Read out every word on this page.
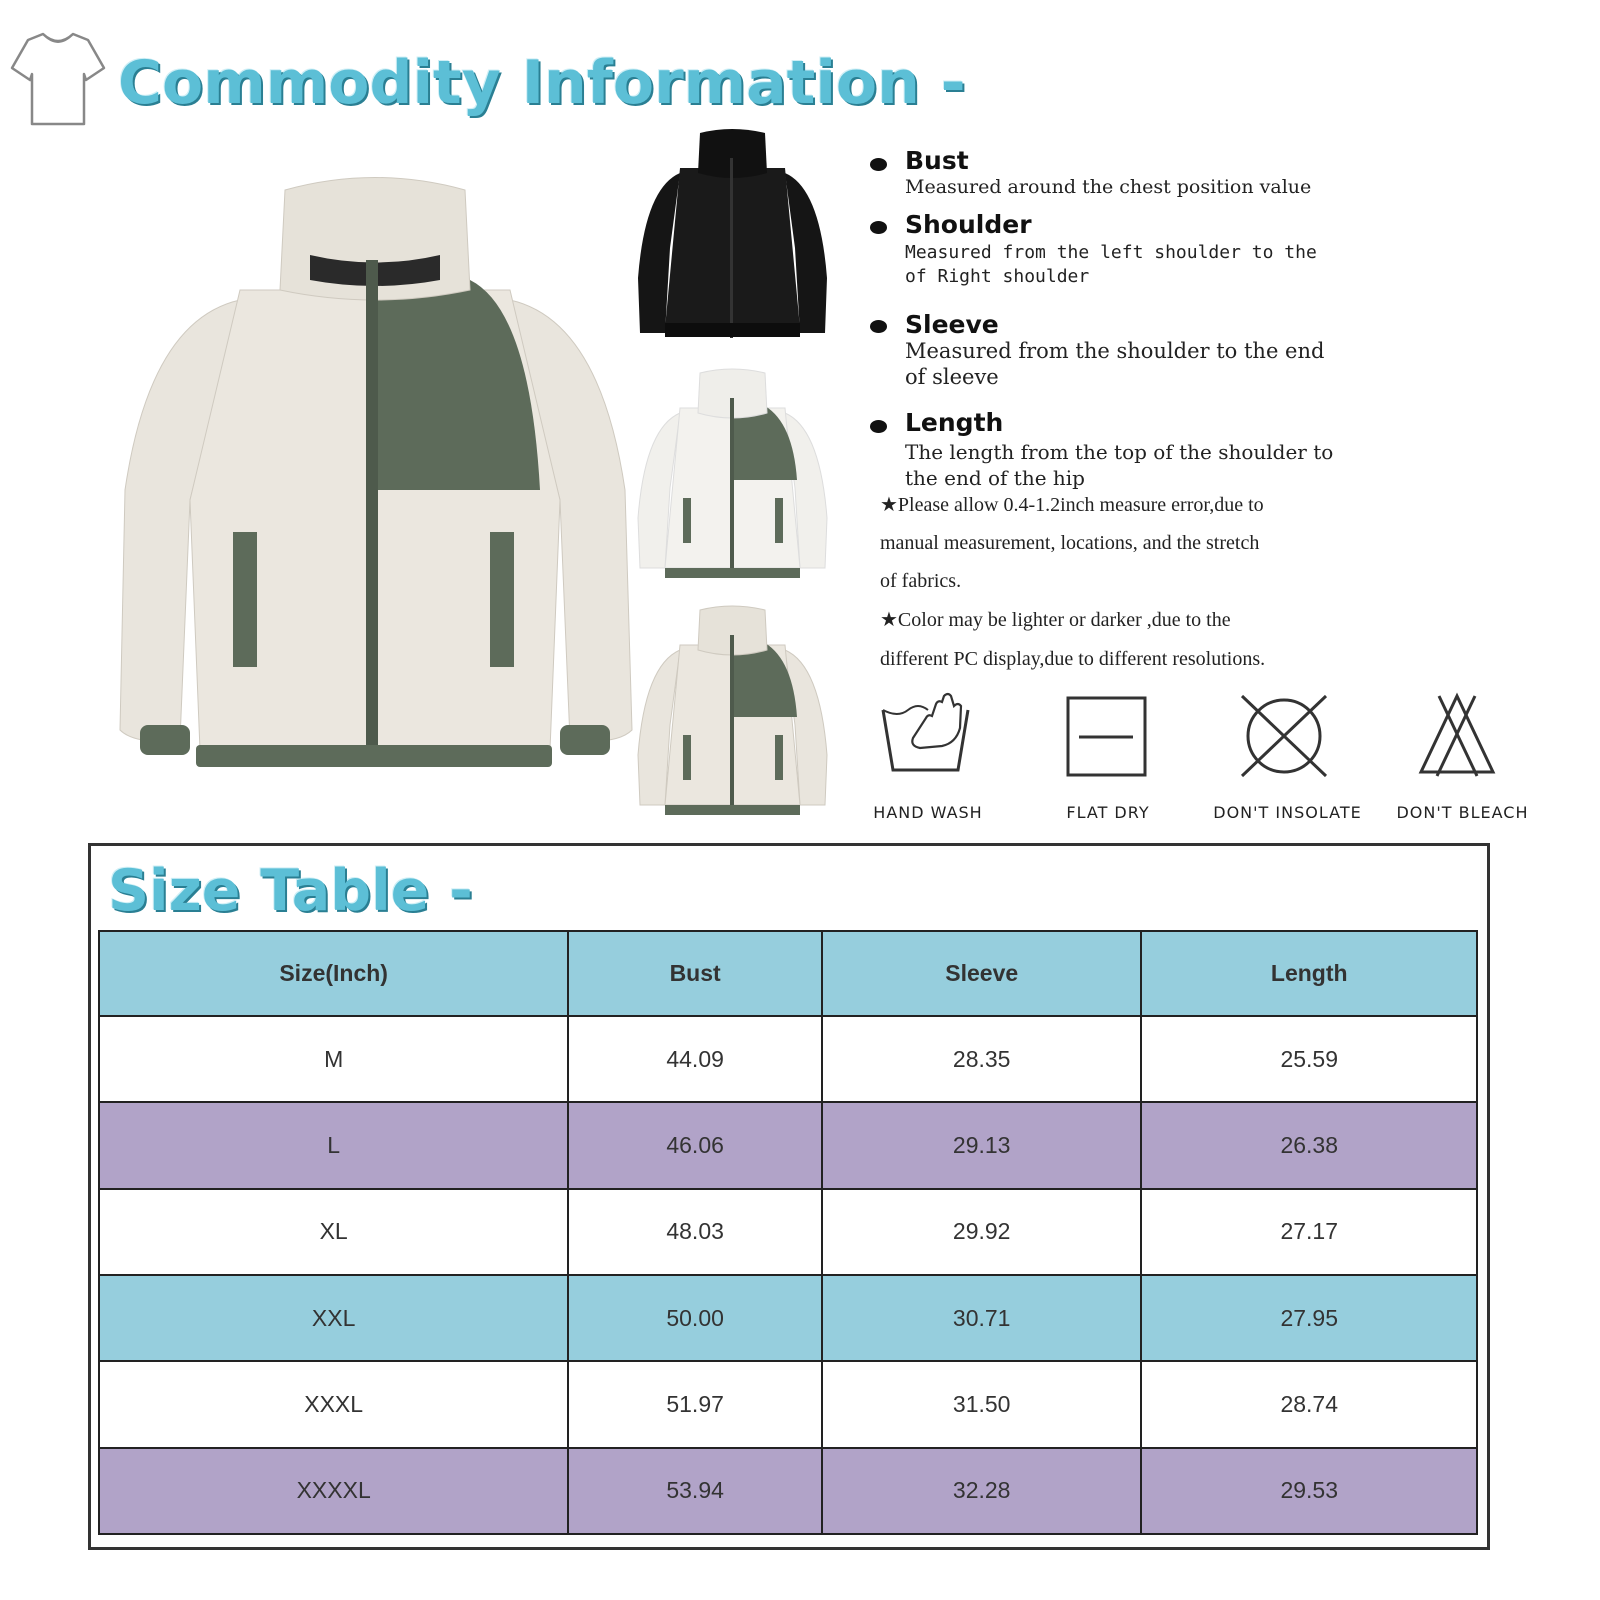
Commodity Information -
Bust
Measured around the chest position value
Shoulder
Measured from the left shoulder to the
of Right shoulder
Sleeve
Measured from the shoulder to the end
of sleeve
Length
The length from the top of the shoulder to
the end of the hip
★Please allow 0.4-1.2inch measure error,due to
manual measurement, locations, and the stretch
of fabrics.
★Color may be lighter or darker ,due to the
different PC display,due to different resolutions.
HAND WASH	FLAT DRY	DON'T INSOLATE	DON'T BLEACH
Size Table -
Size(Inch)	Bust	Sleeve	Length
M	44.09	28.35	25.59
L	46.06	29.13	26.38
XL	48.03	29.92	27.17
XXL	50.00	30.71	27.95
XXXL	51.97	31.50	28.74
XXXXL	53.94	32.28	29.53
